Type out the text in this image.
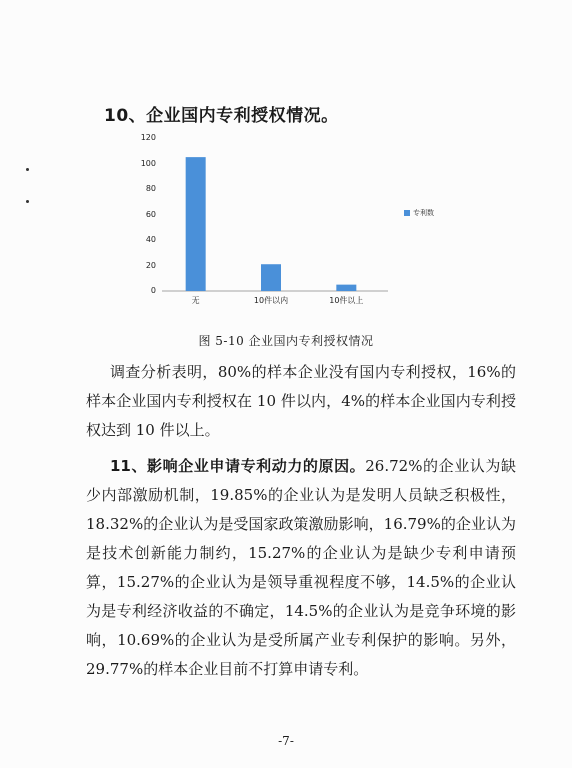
10、企业国内专利授权情况。
0
20
40
60
80
100
120
无	10件以内	10件以上
专利数
图 5-10 企业国内专利授权情况
调查分析表明，80%的样本企业没有国内专利授权，16%的样本企业国内专利授权在 10 件以内，4%的样本企业国内专利授权达到 10 件以上。
11、影响企业申请专利动力的原因。26.72%的企业认为缺少内部激励机制，19.85%的企业认为是发明人员缺乏积极性，18.32%的企业认为是受国家政策激励影响，16.79%的企业认为是技术创新能力制约，15.27%的企业认为是缺少专利申请预算，15.27%的企业认为是领导重视程度不够，14.5%的企业认为是专利经济收益的不确定，14.5%的企业认为是竞争环境的影响，10.69%的企业认为是受所属产业专利保护的影响。另外，29.77%的样本企业目前不打算申请专利。
-7-
